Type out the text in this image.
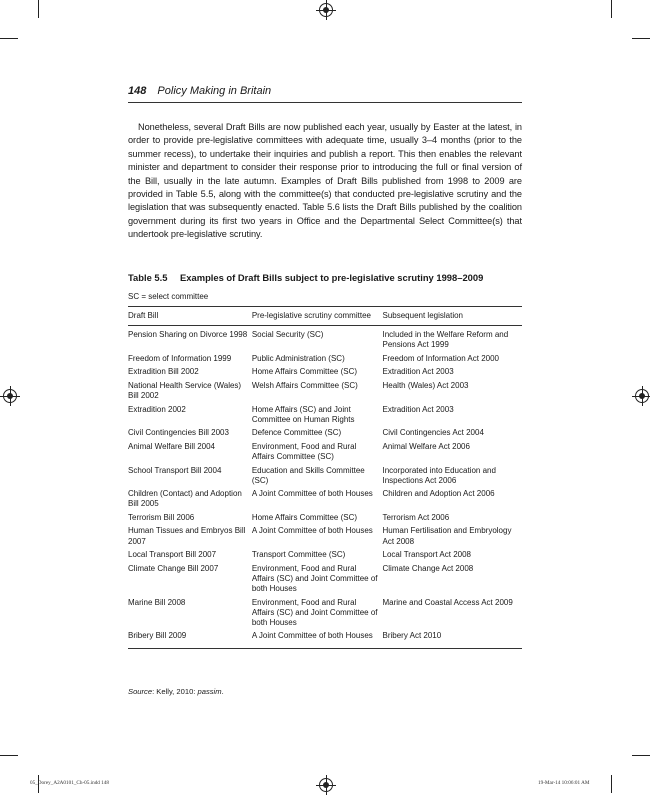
148 Policy Making in Britain

Nonetheless, several Draft Bills are now published each year, usually by Easter at the latest, in order to provide pre-legislative committees with adequate time, usually 3–4 months (prior to the summer recess), to undertake their inquiries and publish a report. This then enables the relevant minister and department to consider their response prior to introducing the full or final version of the Bill, usually in the late autumn. Examples of Draft Bills published from 1998 to 2009 are provided in Table 5.5, along with the committee(s) that conducted pre-legislative scrutiny and the legislation that was subsequently enacted. Table 5.6 lists the Draft Bills published by the coalition government during its first two years in Office and the Departmental Select Committee(s) that undertook pre-legislative scrutiny.

Table 5.5 Examples of Draft Bills subject to pre-legislative scrutiny 1998–2009
SC = select committee
Draft Bill	Pre-legislative scrutiny committee	Subsequent legislation
Pension Sharing on Divorce 1998	Social Security (SC)	Included in the Welfare Reform and Pensions Act 1999
Freedom of Information 1999	Public Administration (SC)	Freedom of Information Act 2000
Extradition Bill 2002	Home Affairs Committee (SC)	Extradition Act 2003
National Health Service (Wales) Bill 2002	Welsh Affairs Committee (SC)	Health (Wales) Act 2003
Extradition 2002	Home Affairs (SC) and Joint Committee on Human Rights	Extradition Act 2003
Civil Contingencies Bill 2003	Defence Committee (SC)	Civil Contingencies Act 2004
Animal Welfare Bill 2004	Environment, Food and Rural Affairs Committee (SC)	Animal Welfare Act 2006
School Transport Bill 2004	Education and Skills Committee (SC)	Incorporated into Education and Inspections Act 2006
Children (Contact) and Adoption Bill 2005	A Joint Committee of both Houses	Children and Adoption Act 2006
Terrorism Bill 2006	Home Affairs Committee (SC)	Terrorism Act 2006
Human Tissues and Embryos Bill 2007	A Joint Committee of both Houses	Human Fertilisation and Embryology Act 2008
Local Transport Bill 2007	Transport Committee (SC)	Local Transport Act 2008
Climate Change Bill 2007	Environment, Food and Rural Affairs (SC) and Joint Committee of both Houses	Climate Change Act 2008
Marine Bill 2008	Environment, Food and Rural Affairs (SC) and Joint Committee of both Houses	Marine and Coastal Access Act 2009
Bribery Bill 2009	A Joint Committee of both Houses	Bribery Act 2010
Source: Kelly, 2010: passim.
05_Dorey_A2A0101_Ch-05.indd 148	19-Mar-14 10:06:01 AM
